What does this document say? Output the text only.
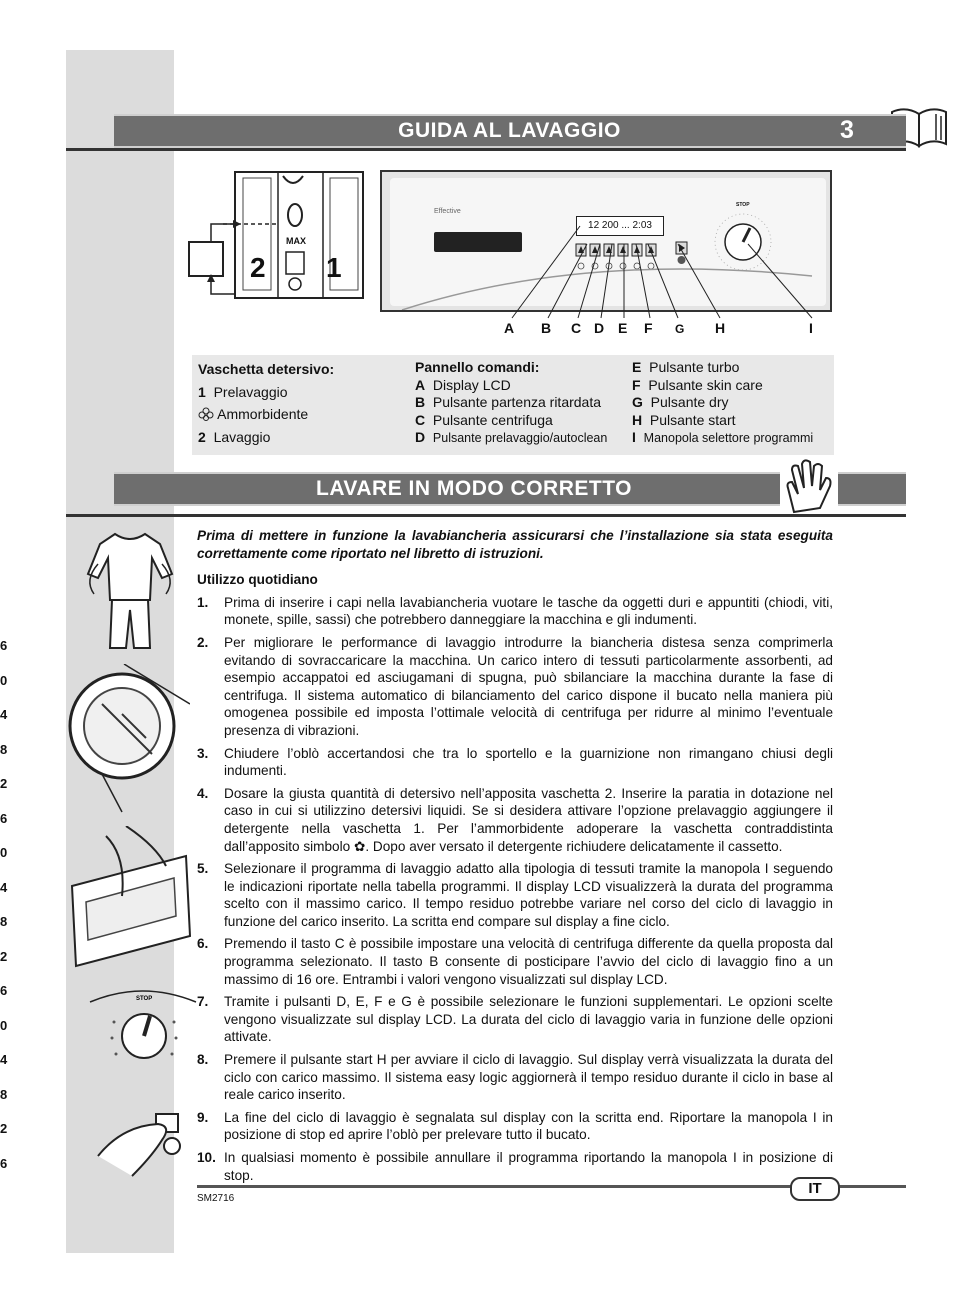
6
0
4
8
2
6
0
4
8
2
6
0
4
8
2
6
GUIDA AL LAVAGGIO	3
2 1
MAX
Effective
12 200 ... 2:03
STOP
A B C D E F G H	I
Vaschetta detersivo:
1 Prelavaggio
Ammorbidente
2 Lavaggio
Pannello comandi:
A Display LCD
B Pulsante partenza ritardata
C Pulsante centrifuga
D Pulsante prelavaggio/autoclean
E Pulsante turbo
F Pulsante skin care
G Pulsante dry
H Pulsante start
I Manopola selettore programmi
LAVARE IN MODO CORRETTO
STOP

Prima di mettere in funzione la lavabiancheria assicurarsi che l’installazione sia stata eseguita correttamente come riportato nel libretto di istruzioni.

Utilizzo quotidiano

1. Prima di inserire i capi nella lavabiancheria vuotare le tasche da oggetti duri e appuntiti (chiodi, viti, monete, spille, sassi) che potrebbero danneggiare la macchina e gli indumenti.

2. Per migliorare le performance di lavaggio introdurre la biancheria distesa senza comprimerla evitando di sovraccaricare la macchina. Un carico intero di tessuti particolarmente assorbenti, ad esempio accappatoi ed asciugamani di spugna, può sbilanciare la macchina durante la fase di centrifuga. Il sistema automatico di bilanciamento del carico dispone il bucato nella maniera più omogenea possibile ed imposta l’ottimale velocità di centrifuga per ridurre al minimo l’eventuale presenza di vibrazioni.

3. Chiudere l’oblò accertandosi che tra lo sportello e la guarnizione non rimangano chiusi degli indumenti.

4. Dosare la giusta quantità di detersivo nell’apposita vaschetta 2. Inserire la paratia in dotazione nel caso in cui si utilizzino detersivi liquidi. Se si desidera attivare l’opzione prelavaggio aggiungere il detergente nella vaschetta 1. Per l’ammorbidente adoperare la vaschetta contraddistinta dall’apposito simbolo ✿. Dopo aver versato il detergente richiudere delicatamente il cassetto.

5. Selezionare il programma di lavaggio adatto alla tipologia di tessuti tramite la manopola I seguendo le indicazioni riportate nella tabella programmi. Il display LCD visualizzerà la durata del programma scelto con il massimo carico. Il tempo residuo potrebbe variare nel corso del ciclo di lavaggio in funzione del carico inserito. La scritta end compare sul display a fine ciclo.

6. Premendo il tasto C è possibile impostare una velocità di centrifuga differente da quella proposta dal programma selezionato. Il tasto B consente di posticipare l’avvio del ciclo di lavaggio fino a un massimo di 16 ore. Entrambi i valori vengono visualizzati sul display LCD.

7. Tramite i pulsanti D, E, F e G è possibile selezionare le funzioni supplementari. Le opzioni scelte vengono visualizzate sul display LCD. La durata del ciclo di lavaggio varia in funzione delle opzioni attivate.

8. Premere il pulsante start H per avviare il ciclo di lavaggio. Sul display verrà visualizzata la durata del ciclo con carico massimo. Il sistema easy logic aggiornerà il tempo residuo durante il ciclo in base al reale carico inserito.

9. La fine del ciclo di lavaggio è segnalata sul display con la scritta end. Riportare la manopola I in posizione di stop ed aprire l’oblò per prelevare tutto il bucato.

10. In qualsiasi momento è possibile annullare il programma riportando la manopola I in posizione di stop.

IT
SM2716
